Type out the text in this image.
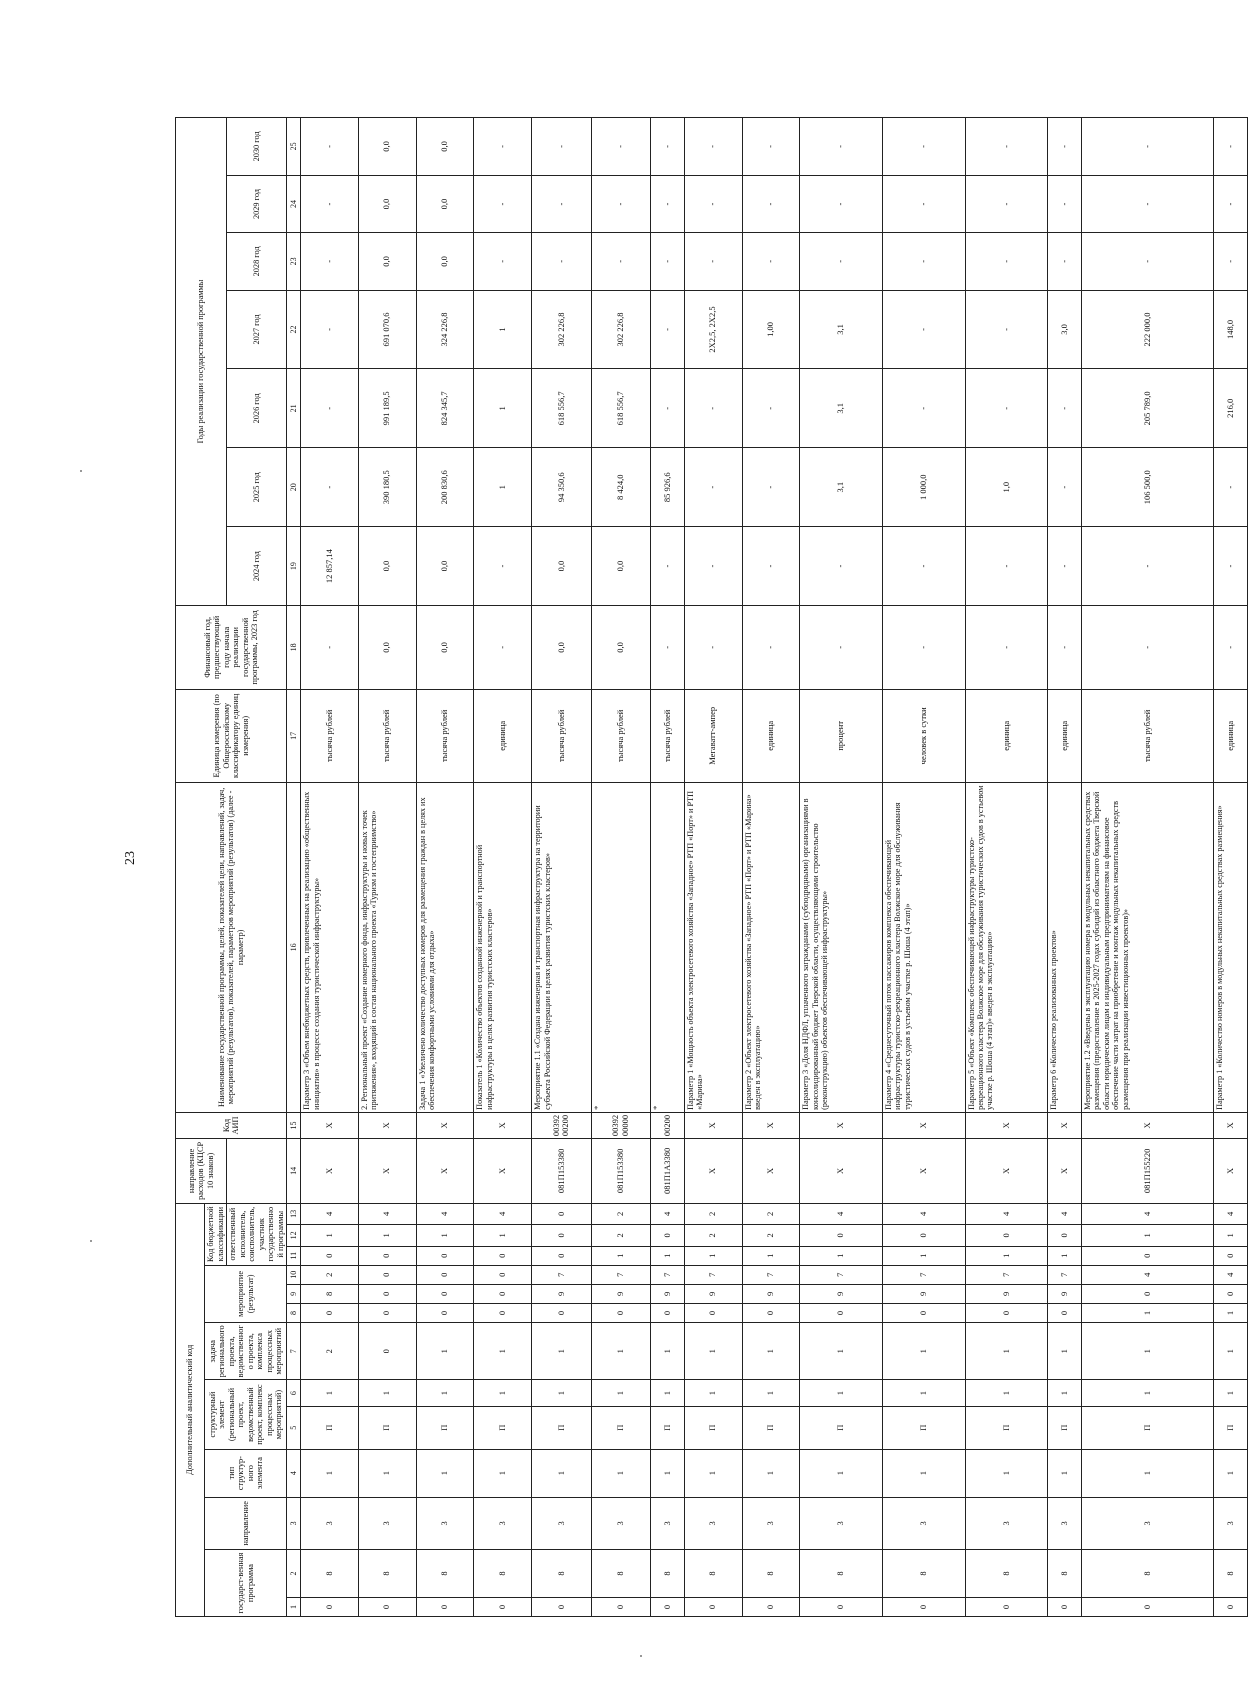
23
Дополнительный аналитический код													направление расходов (КЦСР 10 знаков)	Код АИП	Наименование государственной программы, целей, показателей цели, направлений, задач, мероприятий (результатов), показателей, параметров мероприятий (результатов) (далее - параметр)	Единица измерения (по Общероссийскому классификатору единиц измерения)	Финансовый год, предшествующий году начала реализации государственной программы, 2023 год	Годы реализации государственной программы						
государст-венная программа		направление	тип структур-ного элемента	структурный элемент (региональный проект, ведомственный проект, комплекс процессных мероприятий)		задача регионального проекта, ведомственного проекта, комплекса процессных мероприятий	мероприятие (результат)			Код бюджетной классификации														
										ответственный исполнитель, соисполнитель, участник государственной программы														
																		2024 год	2025 год	2026 год	2027 год	2028 год	2029 год	2030 год
1	2	3	4	5	6	7	8	9	10	11	12	13	14	15	16	17	18	19	20	21	22	23	24	25
0	8	3	1	П	1	2	0	8	2	0	1	4	Х	Х	Параметр 3 «Объем внебюджетных средств, привлеченных на реализацию «общественных инициатив» в процессе создания туристической инфраструктуры»	тысяча рублей	-	12 857,14	-	-	-	-	-	-
0	8	3	1	П	1	0	0	0	0	0	1	4	Х	Х	2. Региональный проект «Создание номерного фонда, инфраструктуры и новых точек притяжения», входящий в состав национального проекта «Туризм и гостеприимство»	тысяча рублей	0,0	0,0	390 180,5	991 189,5	691 070,6	0,0	0,0	0,0
0	8	3	1	П	1	1	0	0	0	0	1	4	Х	Х	Задача 1 «Увеличено количество доступных номеров для размещения граждан в целях их обеспечения комфортными условиями для отдыха»	тысяча рублей	0,0	0,0	200 830,6	824 345,7	324 226,8	0,0	0,0	0,0
0	8	3	1	П	1	1	0	0	0	0	1	4	Х	Х	Показатель 1 «Количество объектов созданной инженерной и транспортной инфраструктуры в целях развития туристских кластеров»	единица	-	-	1	1	1	-	-	-
0	8	3	1	П	1	1	0	9	7	0	0	0	081П153380	00392 00200	Мероприятие 1.1 «Создана инженерная и транспортная инфраструктура на территории субъекта Российской Федерации в целях развития туристских кластеров»	тысяча рублей	0,0	0,0	94 350,6	618 556,7	302 226,8	-	-	-
0	8	3	1	П	1	1	0	9	7	1	2	2	081П153380	00392 00000	*	тысяча рублей	0,0	0,0	8 424,0	618 556,7	302 226,8	-	-	-
0	8	3	1	П	1	1	0	9	7	1	0	4	081П1А3380	00200	*	тысяча рублей	-	-	85 926,6	-	-	-	-	-
0	8	3	1	П	1	1	0	9	7	1	2	2	Х	Х	Параметр 1 «Мощность объекта электросетевого хозяйства «Западное» РТП «Порт» и РТП «Марина»	Мегаватт-ампер	-	-	-	-	2Х2,5, 2Х2,5	-	-	-
0	8	3	1	П	1	1	0	9	7	1	2	2	Х	Х	Параметр 2 «Объект электросетевого хозяйства «Западное» РТП «Порт» и РТП «Марина» введен в эксплуатацию»	единица	-	-	-	-	1,00	-	-	-
0	8	3	1	П	1	1	0	9	7	1	0	4	Х	Х	Параметр 3 «Доля НДФЛ, уплаченного загражданами (субподрядными) организациями в консолидированный бюджет Тверской области, осуществляющими строительство (реконструкцию) объектов обеспечивающей инфраструктуры»	процент	-	-	3,1	3,1	3,1	-	-	-
0	8	3	1	П	1	1	0	9	7	1	0	4	Х	Х	Параметр 4 «Среднесуточный поток пассажиров комплекса обеспечивающей инфраструктуры туристско-рекреационного кластера Волжское море для обслуживания туристических судов в устьевом участке р. Шоша (4 этап)»	человек в сутки	-	-	1 000,0	-	-	-	-	-
0	8	3	1	П	1	1	0	9	7	1	0	4	Х	Х	Параметр 5 «Объект «Комплекс обеспечивающей инфраструктуры туристско-рекреационного кластера Волжское море для обслуживания туристических судов в устьевом участке р. Шоша (4 этап)» введен в эксплуатацию»	единица	-	-	1,0	-	-	-	-	-
0	8	3	1	П	1	1	0	9	7	1	0	4	Х	Х	Параметр 6 «Количество реализованных проектов»	единица	-	-	-	-	3,0	-	-	-
0	8	3	1	П	1	1	1	0	4	0	1	4	081П155220	Х	Мероприятие 1.2 «Введены в эксплуатацию номера в модульных некапитальных средствах размещения (предоставление в 2025-2027 годах субсидий из областного бюджета Тверской области юридическим лицам и индивидуальным предпринимателям на финансовое обеспечение части затрат на приобретение и монтаж модульных некапитальных средств размещения при реализации инвестиционных проектов)»	тысяча рублей	-	-	106 500,0	205 789,0	222 000,0	-	-	-
0	8	3	1	П	1	1	1	0	4	0	1	4	Х	Х	Параметр 1 «Количество номеров в модульных некапитальных средствах размещения»	единица	-	-	-	216,0	148,0	-	-	-
